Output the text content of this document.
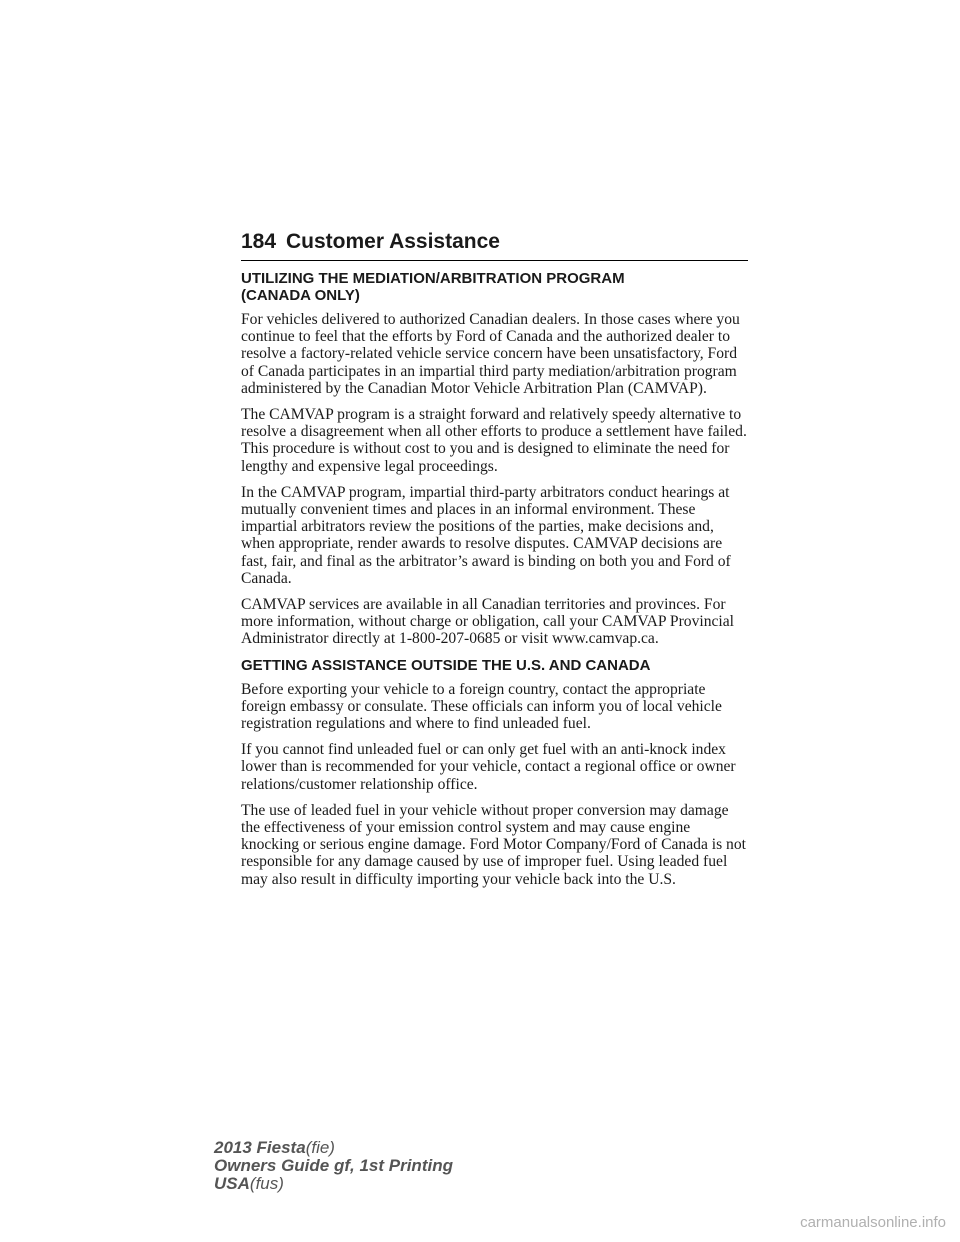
184 Customer Assistance
UTILIZING THE MEDIATION/ARBITRATION PROGRAM
(CANADA ONLY)

For vehicles delivered to authorized Canadian dealers. In those cases where you continue to feel that the efforts by Ford of Canada and the authorized dealer to resolve a factory-related vehicle service concern have been unsatisfactory, Ford of Canada participates in an impartial third party mediation/arbitration program administered by the Canadian Motor Vehicle Arbitration Plan (CAMVAP).

The CAMVAP program is a straight forward and relatively speedy alternative to resolve a disagreement when all other efforts to produce a settlement have failed. This procedure is without cost to you and is designed to eliminate the need for lengthy and expensive legal proceedings.

In the CAMVAP program, impartial third-party arbitrators conduct hearings at mutually convenient times and places in an informal environment. These impartial arbitrators review the positions of the parties, make decisions and, when appropriate, render awards to resolve disputes. CAMVAP decisions are fast, fair, and final as the arbitrator’s award is binding on both you and Ford of Canada.

CAMVAP services are available in all Canadian territories and provinces. For more information, without charge or obligation, call your CAMVAP Provincial Administrator directly at 1-800-207-0685 or visit www.camvap.ca.

GETTING ASSISTANCE OUTSIDE THE U.S. AND CANADA

Before exporting your vehicle to a foreign country, contact the appropriate foreign embassy or consulate. These officials can inform you of local vehicle registration regulations and where to find unleaded fuel.

If you cannot find unleaded fuel or can only get fuel with an anti-knock index lower than is recommended for your vehicle, contact a regional office or owner relations/customer relationship office.

The use of leaded fuel in your vehicle without proper conversion may damage the effectiveness of your emission control system and may cause engine knocking or serious engine damage. Ford Motor Company/Ford of Canada is not responsible for any damage caused by use of improper fuel. Using leaded fuel may also result in difficulty importing your vehicle back into the U.S.

2013 Fiesta(fie)
Owners Guide gf, 1st Printing
USA(fus)
carmanualsonline.info
